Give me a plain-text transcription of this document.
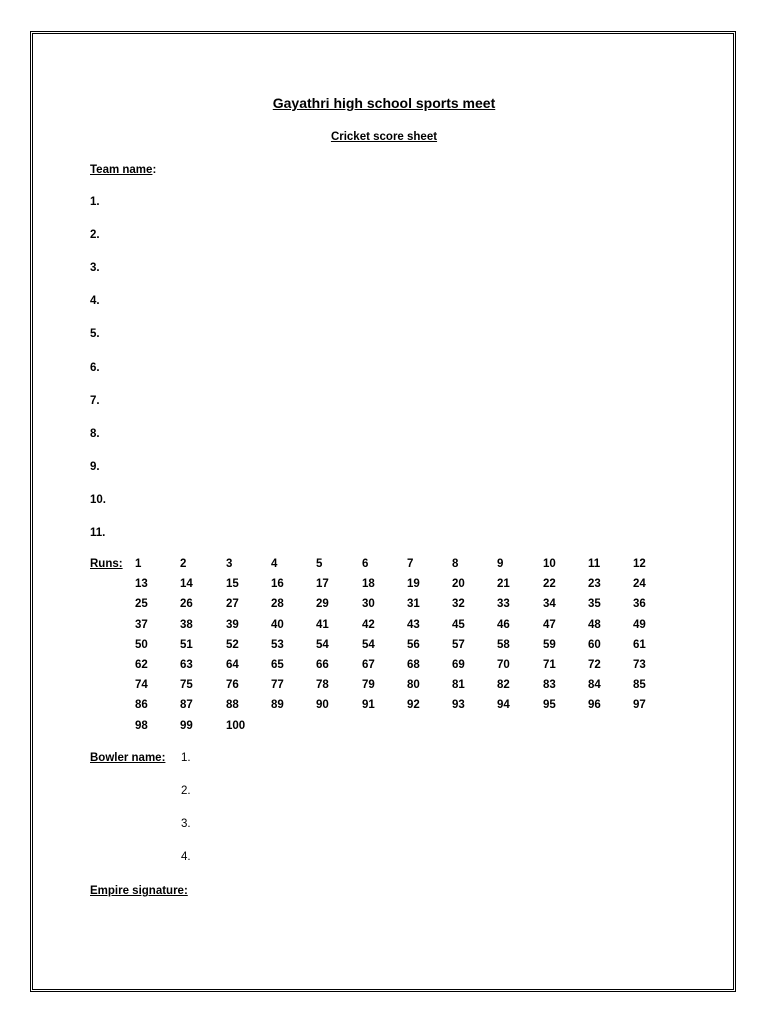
Gayathri high school sports meet
Cricket score sheet
Team name:
1.
2.
3.
4.
5.
6.
7.
8.
9.
10.
11.
Runs: 1	2	3	4	5	6	7	8	9	10	11	12
13	14	15	16	17	18	19	20	21	22	23	24
25	26	27	28	29	30	31	32	33	34	35	36
37	38	39	40	41	42	43	45	46	47	48	49
50	51	52	53	54	54	56	57	58	59	60	61
62	63	64	65	66	67	68	69	70	71	72	73
74	75	76	77	78	79	80	81	82	83	84	85
86	87	88	89	90	91	92	93	94	95	96	97
98	99	100
Bowler name: 1.
2.
3.
4.
Empire signature:
